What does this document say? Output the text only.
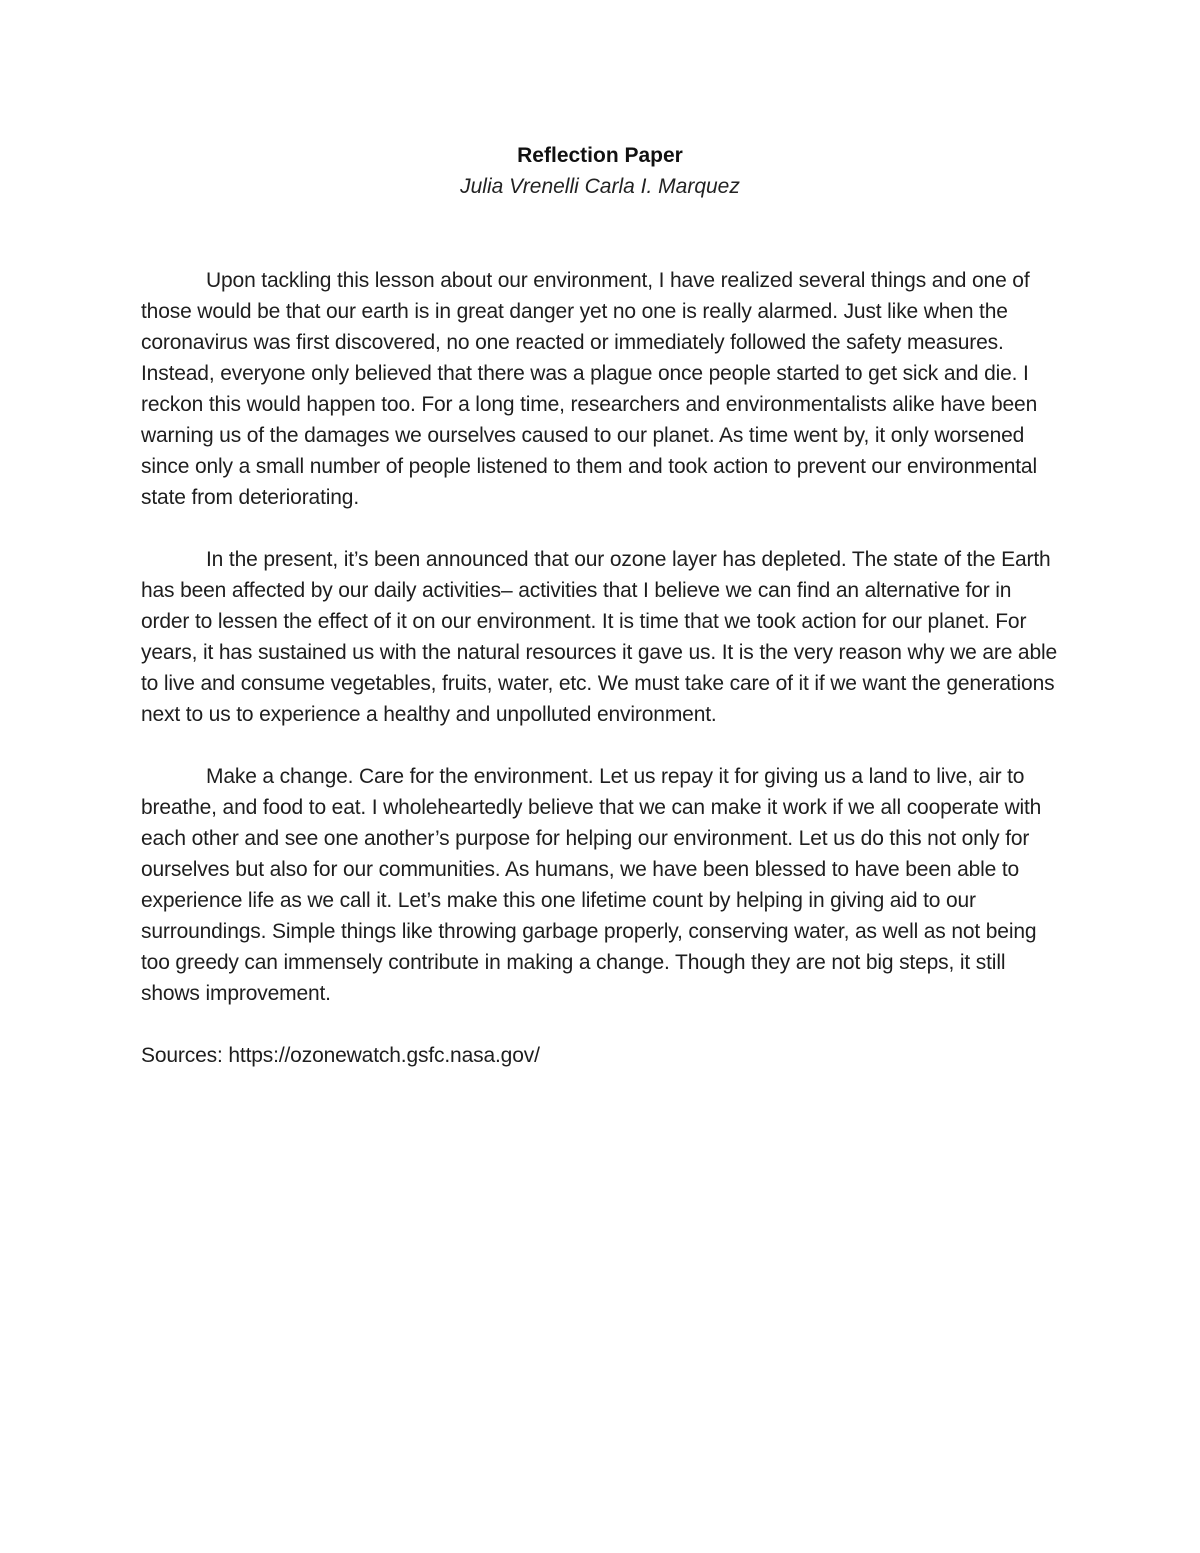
Reflection Paper

Julia Vrenelli Carla I. Marquez

Upon tackling this lesson about our environment, I have realized several things and one of those would be that our earth is in great danger yet no one is really alarmed. Just like when the coronavirus was first discovered, no one reacted or immediately followed the safety measures. Instead, everyone only believed that there was a plague once people started to get sick and die. I reckon this would happen too. For a long time, researchers and environmentalists alike have been warning us of the damages we ourselves caused to our planet. As time went by, it only worsened since only a small number of people listened to them and took action to prevent our environmental state from deteriorating.

In the present, it’s been announced that our ozone layer has depleted. The state of the Earth has been affected by our daily activities– activities that I believe we can find an alternative for in order to lessen the effect of it on our environment. It is time that we took action for our planet. For years, it has sustained us with the natural resources it gave us. It is the very reason why we are able to live and consume vegetables, fruits, water, etc. We must take care of it if we want the generations next to us to experience a healthy and unpolluted environment.

Make a change. Care for the environment. Let us repay it for giving us a land to live, air to breathe, and food to eat. I wholeheartedly believe that we can make it work if we all cooperate with each other and see one another’s purpose for helping our environment. Let us do this not only for ourselves but also for our communities. As humans, we have been blessed to have been able to experience life as we call it. Let’s make this one lifetime count by helping in giving aid to our surroundings. Simple things like throwing garbage properly, conserving water, as well as not being too greedy can immensely contribute in making a change. Though they are not big steps, it still shows improvement.

Sources: https://ozonewatch.gsfc.nasa.gov/
